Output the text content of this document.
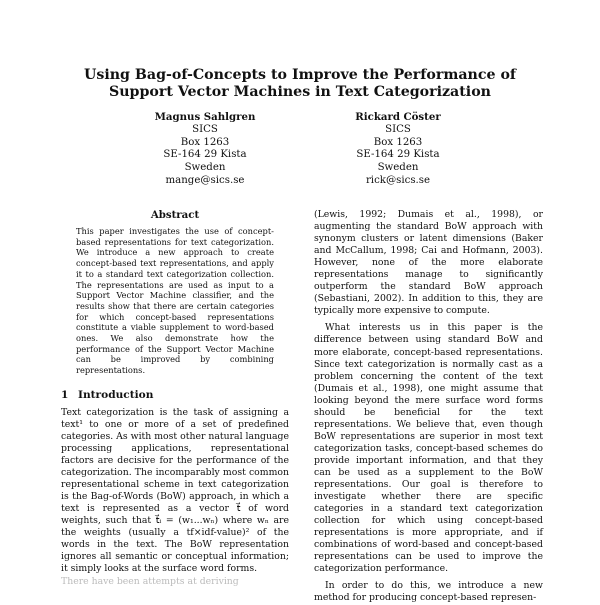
Using Bag-of-Concepts to Improve the Performance of Support Vector Machines in Text Categorization
Magnus Sahlgren
SICS
Box 1263
SE-164 29 Kista
Sweden
mange@sics.se
Rickard Cöster
SICS
Box 1263
SE-164 29 Kista
Sweden
rick@sics.se
Abstract

This paper investigates the use of concept-based representations for text categorization. We introduce a new approach to create concept-based text representations, and apply it to a standard text categorization collection. The representations are used as input to a Support Vector Machine classifier, and the results show that there are certain categories for which concept-based representations constitute a viable supplement to word-based ones. We also demonstrate how the performance of the Support Vector Machine can be improved by combining representations.

1 Introduction

Text categorization is the task of assigning a text¹ to one or more of a set of predefined categories. As with most other natural language processing applications, representational factors are decisive for the performance of the categorization. The incomparably most common representational scheme in text categorization is the Bag-of-Words (BoW) approach, in which a text is represented as a vector t⃗ of word weights, such that t⃗ᵢ = (w₁...wₙ) where wₙ are the weights (usually a tf×idf-value)² of the words in the text. The BoW representation ignores all semantic or conceptual information; it simply looks at the surface word forms.

There have been attempts at deriving

(Lewis, 1992; Dumais et al., 1998), or augmenting the standard BoW approach with synonym clusters or latent dimensions (Baker and McCallum, 1998; Cai and Hofmann, 2003). However, none of the more elaborate representations manage to significantly outperform the standard BoW approach (Sebastiani, 2002). In addition to this, they are typically more expensive to compute.

What interests us in this paper is the difference between using standard BoW and more elaborate, concept-based representations. Since text categorization is normally cast as a problem concerning the content of the text (Dumais et al., 1998), one might assume that looking beyond the mere surface word forms should be beneficial for the text representations. We believe that, even though BoW representations are superior in most text categorization tasks, concept-based schemes do provide important information, and that they can be used as a supplement to the BoW representations. Our goal is therefore to investigate whether there are specific categories in a standard text categorization collection for which using concept-based representations is more appropriate, and if combinations of word-based and concept-based representations can be used to improve the categorization performance.

In order to do this, we introduce a new method for producing concept-based represen-
